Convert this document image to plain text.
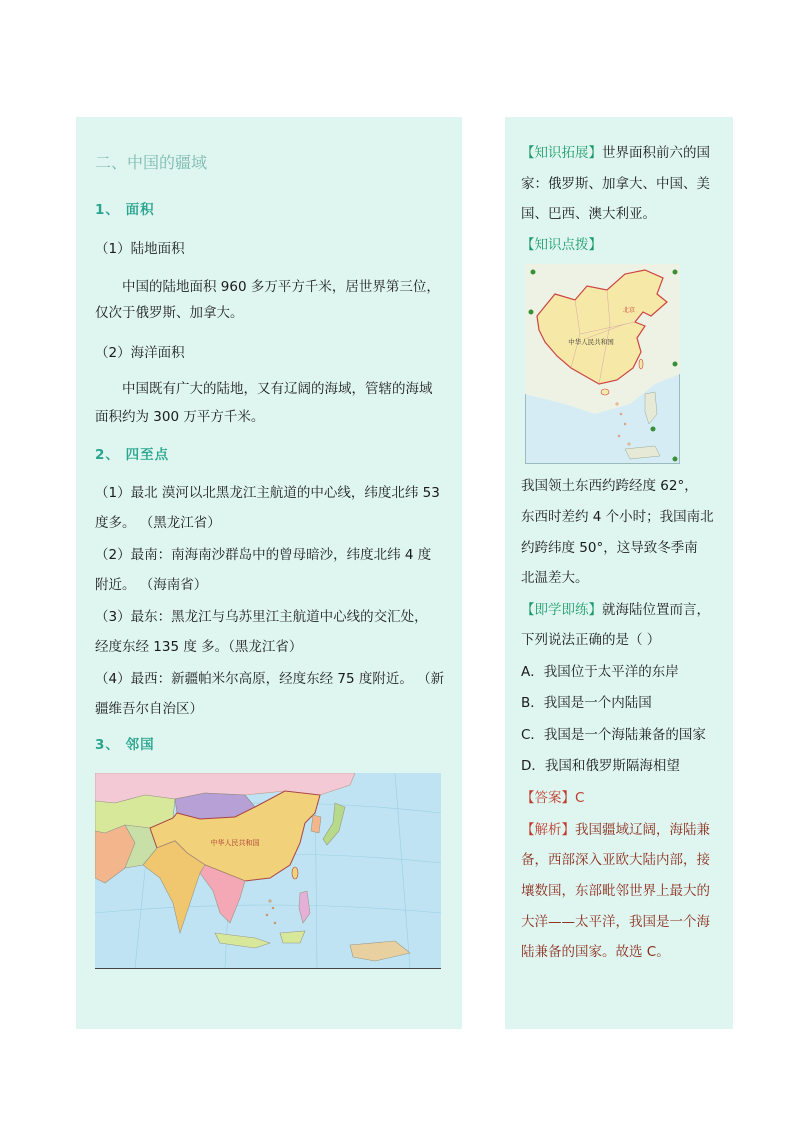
二、中国的疆域
1、 面积
（1）陆地面积
中国的陆地面积 960 多万平方千米，居世界第三位，
仅次于俄罗斯、加拿大。
（2）海洋面积
中国既有广大的陆地，又有辽阔的海域，管辖的海域
面积约为 300 万平方千米。
2、 四至点
（1）最北 漠河以北黑龙江主航道的中心线，纬度北纬 53
度多。 （黑龙江省）
（2）最南：南海南沙群岛中的曾母暗沙，纬度北纬 4 度
附近。 （海南省）
（3）最东：黑龙江与乌苏里江主航道中心线的交汇处，
经度东经 135 度 多。（黑龙江省）
（4）最西：新疆帕米尔高原，经度东经 75 度附近。 （新
疆维吾尔自治区）
3、 邻国
中华人民共和国
【知识拓展】世界面积前六的国
家：俄罗斯、加拿大、中国、美
国、巴西、澳大利亚。
【知识点拨】
北京
中华人民共和国
我国领土东西约跨经度 62°，
东西时差约 4 个小时；我国南北
约跨纬度 50°，这导致冬季南
北温差大。
【即学即练】就海陆位置而言，
下列说法正确的是（ ）
A．我国位于太平洋的东岸
B．我国是一个内陆国
C．我国是一个海陆兼备的国家
D．我国和俄罗斯隔海相望
【答案】C
【解析】我国疆域辽阔，海陆兼
备，西部深入亚欧大陆内部，接
壤数国，东部毗邻世界上最大的
大洋——太平洋，我国是一个海
陆兼备的国家。故选 C。
